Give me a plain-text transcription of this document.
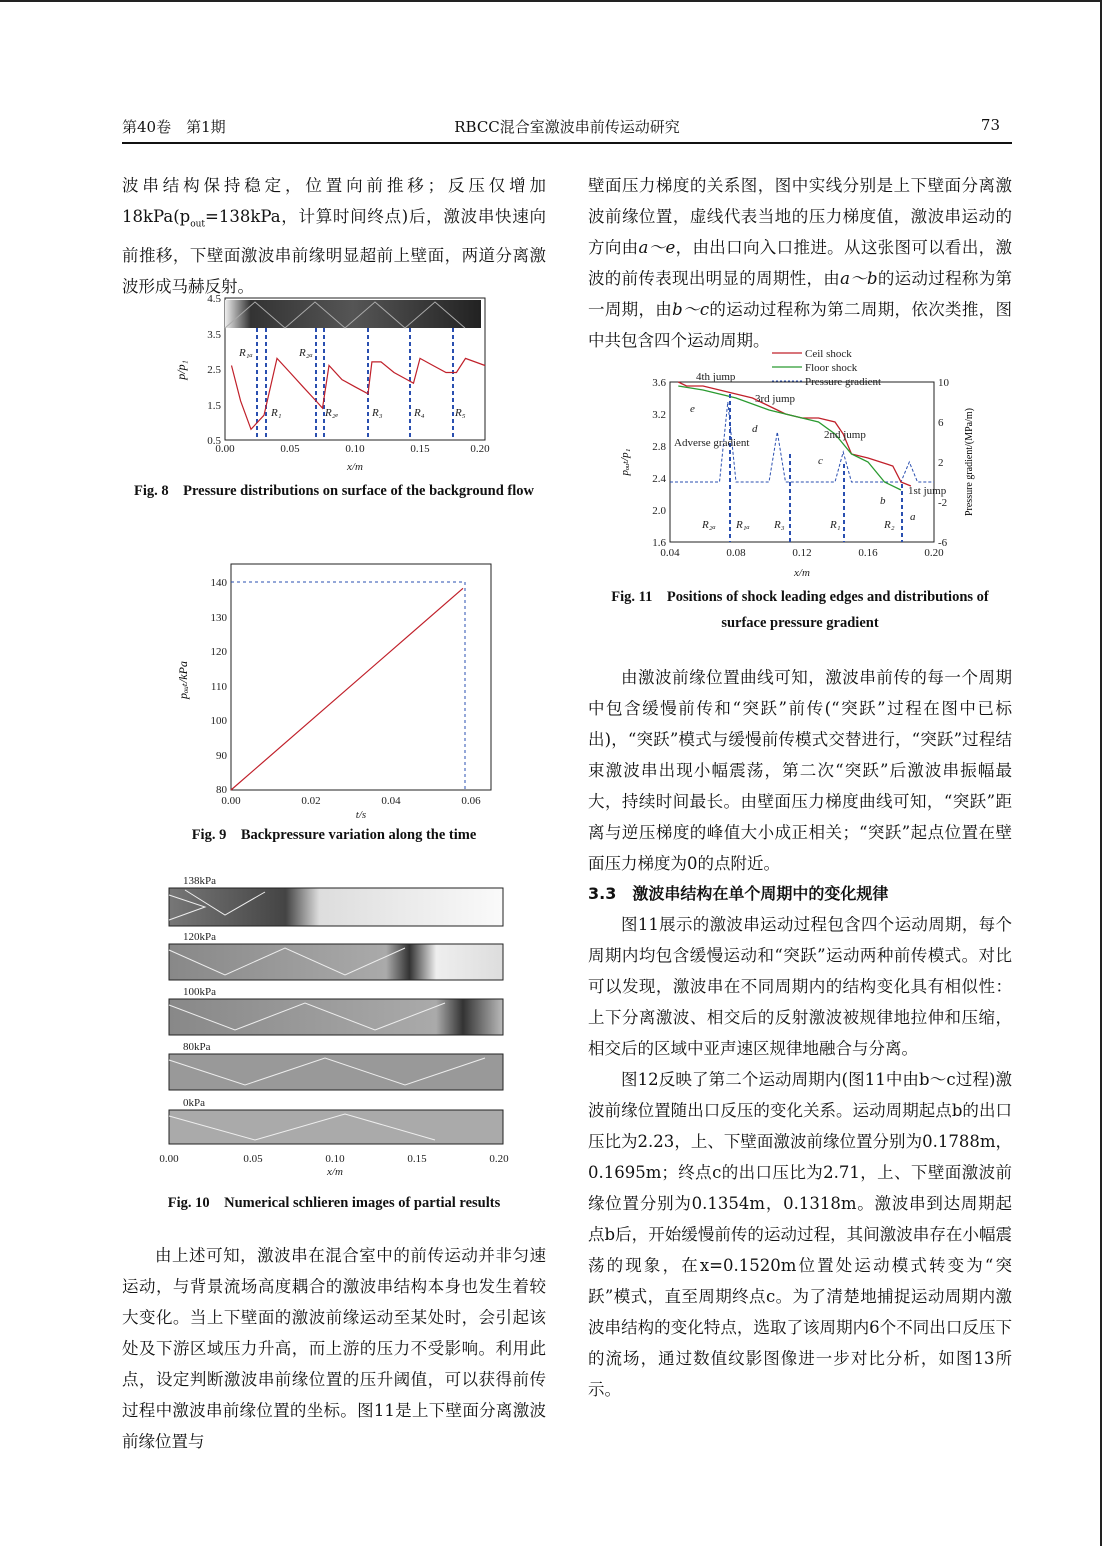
第40卷　第1期	RBCC混合室激波串前传运动研究	73

波串结构保持稳定，位置向前推移；反压仅增加$18kPa(p_{out}=138kPa$，计算时间终点)后，激波串快速向前推移，下壁面激波串前缘明显超前上壁面，两道分离激波形成马赫反射。

0.5
1.5
2.5
3.5
4.5
0.00	0.05	0.10	0.15	0.20
x/m
p/p₁
R₁ₐ	R₂ₐ
R₁	R₂ₑ	R₃	R₄	R₅
Fig. 8　Pressure distributions on surface of the background flow
80
90
100
110
120
130
140
0.00	0.02	0.04	0.06
t/s
pₒᵤₜ/kPa
Fig. 9　Backpressure variation along the time
138kPa
120kPa
100kPa
80kPa
0kPa
0.00	0.05	0.10	0.15	0.20
x/m
Fig. 10　Numerical schlieren images of partial results

由上述可知，激波串在混合室中的前传运动并非匀速运动，与背景流场高度耦合的激波串结构本身也发生着较大变化。当上下壁面的激波前缘运动至某处时，会引起该处及下游区域压力升高，而上游的压力不受影响。利用此点，设定判断激波串前缘位置的压升阈值，可以获得前传过程中激波串前缘位置的坐标。图11是上下壁面分离激波前缘位置与

壁面压力梯度的关系图，图中实线分别是上下壁面分离激波前缘位置，虚线代表当地的压力梯度值，激波串运动的方向由a～e，由出口向入口推进。从这张图可以看出，激波的前传表现出明显的周期性，由a～b的运动过程称为第一周期，由b～c的运动过程称为第二周期，依次类推，图中共包含四个运动周期。

Ceil shock
Floor shock
Pressure gradient
1.6
2.0
2.4
2.8
3.2
3.6
-6
-2
2
6
10
0.04	0.08	0.12	0.16	0.20
x/m
pₒᵤₜ/p₁	Pressure gradient/(MPa/m)
4th jump
3rd jump
2nd jump
1st jump
Adverse gradient
a
b
c
d
e
R₂ₐ R₁ₐ R₃	R₁	R₂
Fig. 11　Positions of shock leading edges and distributions of surface pressure gradient

由激波前缘位置曲线可知，激波串前传的每一个周期中包含缓慢前传和“突跃”前传(“突跃”过程在图中已标出)，“突跃”模式与缓慢前传模式交替进行，“突跃”过程结束激波串出现小幅震荡，第二次“突跃”后激波串振幅最大，持续时间最长。由壁面压力梯度曲线可知，“突跃”距离与逆压梯度的峰值大小成正相关；“突跃”起点位置在壁面压力梯度为0的点附近。

3.3　激波串结构在单个周期中的变化规律

图11展示的激波串运动过程包含四个运动周期，每个周期内均包含缓慢运动和“突跃”运动两种前传模式。对比可以发现，激波串在不同周期内的结构变化具有相似性：上下分离激波、相交后的反射激波被规律地拉伸和压缩，相交后的区域中亚声速区规律地融合与分离。

图12反映了第二个运动周期内(图11中由b～c过程)激波前缘位置随出口反压的变化关系。运动周期起点b的出口压比为2.23，上、下壁面激波前缘位置分别为0.1788m，0.1695m；终点c的出口压比为2.71，上、下壁面激波前缘位置分别为0.1354m，0.1318m。激波串到达周期起点b后，开始缓慢前传的运动过程，其间激波串存在小幅震荡的现象，在x=0.1520m位置处运动模式转变为“突跃”模式，直至周期终点c。为了清楚地捕捉运动周期内激波串结构的变化特点，选取了该周期内6个不同出口反压下的流场，通过数值纹影图像进一步对比分析，如图13所示。
